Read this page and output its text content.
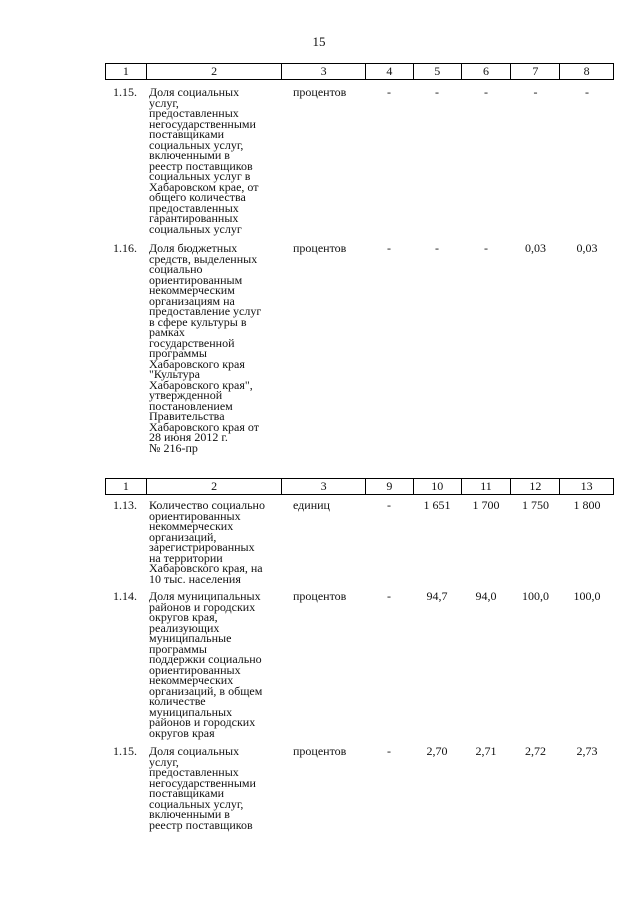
15
1	2	3	4	5	6	7	8
1.15.	Доля социальных
услуг,
предоставленных
негосударственными
поставщиками
социальных услуг,
включенными в
реестр поставщиков
социальных услуг в
Хабаровском крае, от
общего количества
предоставленных
гарантированных
социальных услуг
процентов	-	-	-	-	-
1.16.	Доля бюджетных
средств, выделенных
социально
ориентированным
некоммерческим
организациям на
предоставление услуг
в сфере культуры в
рамках
государственной
программы
Хабаровского края
"Культура
Хабаровского края",
утвержденной
постановлением
Правительства
Хабаровского края от
28 июня 2012 г.
№ 216-пр
процентов	-	-	-	0,03	0,03
1	2	3	9	10	11	12	13
1.13.	Количество социально
ориентированных
некоммерческих
организаций,
зарегистрированных
на территории
Хабаровского края, на
10 тыс. населения
единиц	-	1 651	1 700	1 750	1 800
1.14.	Доля муниципальных
районов и городских
округов края,
реализующих
муниципальные
программы
поддержки социально
ориентированных
некоммерческих
организаций, в общем
количестве
муниципальных
районов и городских
округов края
процентов	-	94,7	94,0	100,0	100,0
1.15.	Доля социальных
услуг,
предоставленных
негосударственными
поставщиками
социальных услуг,
включенными в
реестр поставщиков
процентов	-	2,70	2,71	2,72	2,73
